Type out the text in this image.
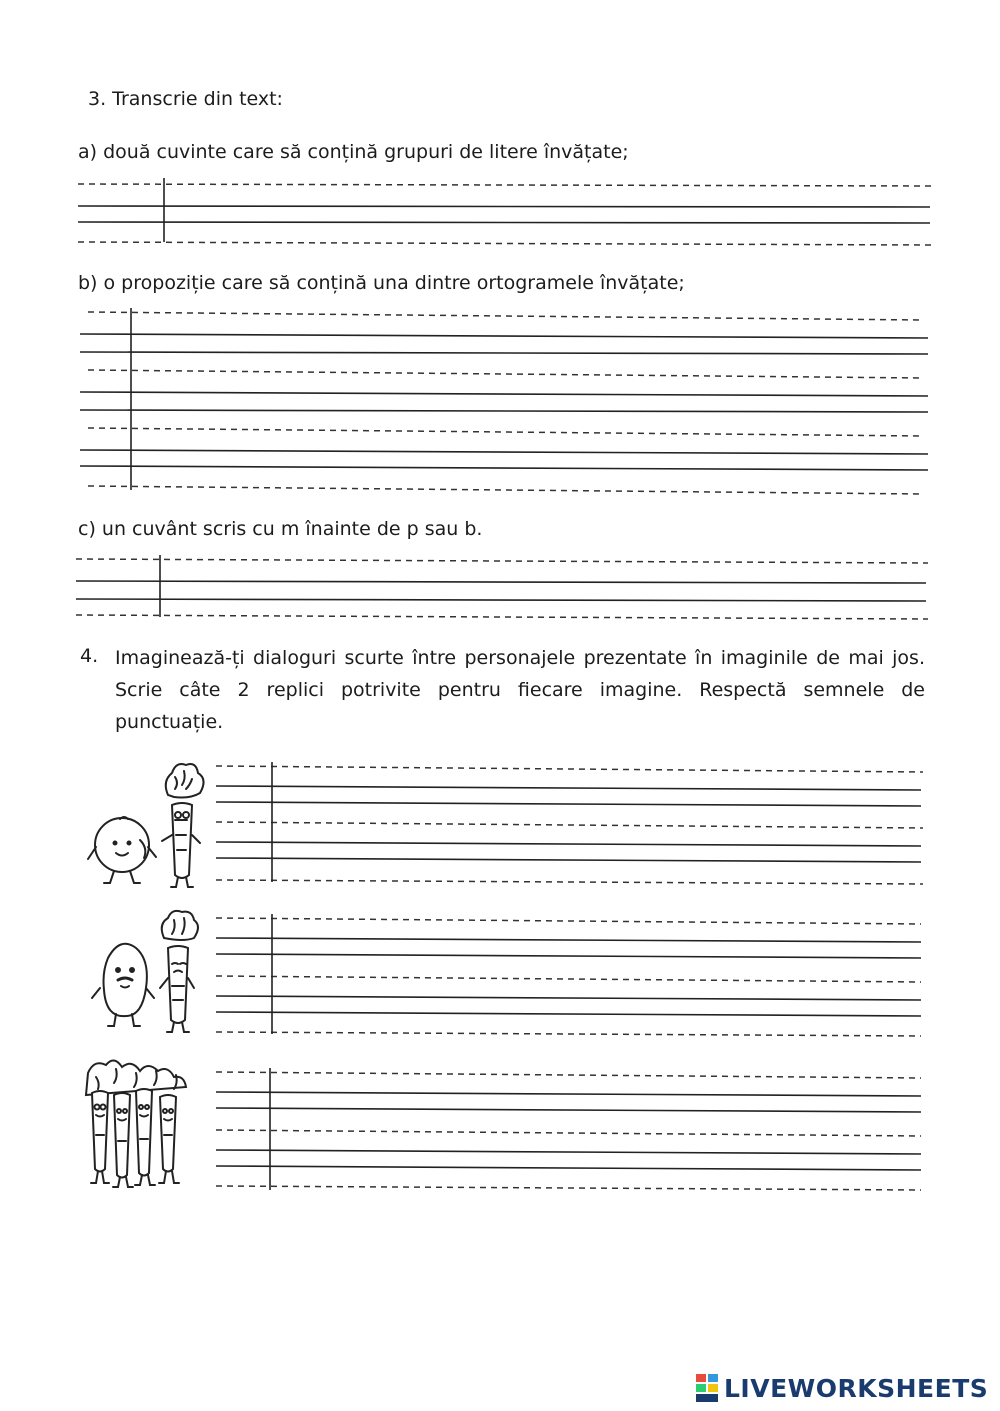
3. Transcrie din text:
a) două cuvinte care să conțină grupuri de litere învățate;
b) o propoziție care să conțină una dintre ortogramele învățate;
c) un cuvânt scris cu m înainte de p sau b.
4. Imaginează-ți dialoguri scurte între personajele prezentate în imaginile de mai jos. Scrie câte 2 replici potrivite pentru fiecare imagine. Respectă semnele de punctuație.
LIVEWORKSHEETS
